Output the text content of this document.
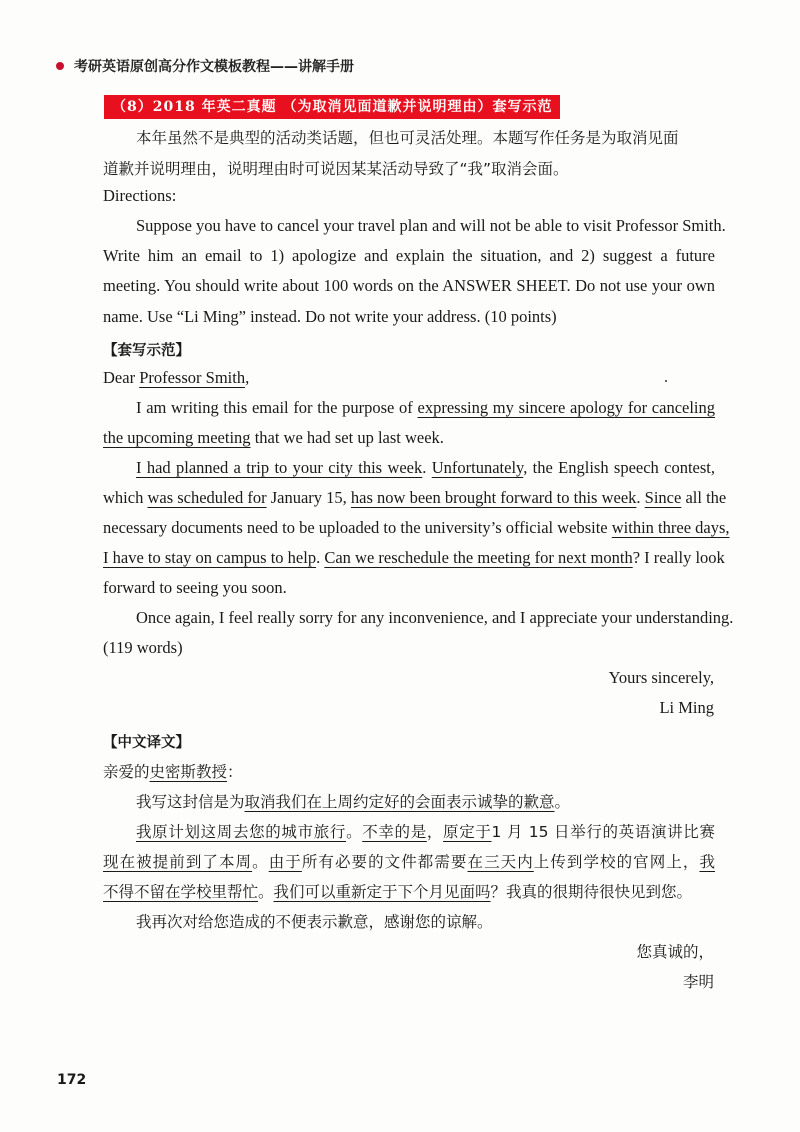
考研英语原创高分作文模板教程——讲解手册
（8）2018 年英二真题 （为取消见面道歉并说明理由）套写示范
本年虽然不是典型的活动类话题，但也可灵活处理。本题写作任务是为取消见面
道歉并说明理由，说明理由时可说因某某活动导致了“我”取消会面。
Directions:
Suppose you have to cancel your travel plan and will not be able to visit Professor Smith.
Write him an email to 1) apologize and explain the situation, and 2) suggest a future
meeting. You should write about 100 words on the ANSWER SHEET. Do not use your own
name. Use “Li Ming” instead. Do not write your address. (10 points)
【套写示范】
Dear Professor Smith,
I am writing this email for the purpose of expressing my sincere apology for canceling
the upcoming meeting that we had set up last week.
I had planned a trip to your city this week. Unfortunately, the English speech contest,
which was scheduled for January 15, has now been brought forward to this week. Since all the
necessary documents need to be uploaded to the university’s official website within three days,
I have to stay on campus to help. Can we reschedule the meeting for next month? I really look
forward to seeing you soon.
Once again, I feel really sorry for any inconvenience, and I appreciate your understanding.
(119 words)
Yours sincerely,
Li Ming
【中文译文】
亲爱的史密斯教授：
我写这封信是为取消我们在上周约定好的会面表示诚挚的歉意。
我原计划这周去您的城市旅行。不幸的是，原定于1 月 15 日举行的英语演讲比赛
现在被提前到了本周。由于所有必要的文件都需要在三天内上传到学校的官网上，我
不得不留在学校里帮忙。我们可以重新定于下个月见面吗？我真的很期待很快见到您。
我再次对给您造成的不便表示歉意，感谢您的谅解。
您真诚的，
李明
172
